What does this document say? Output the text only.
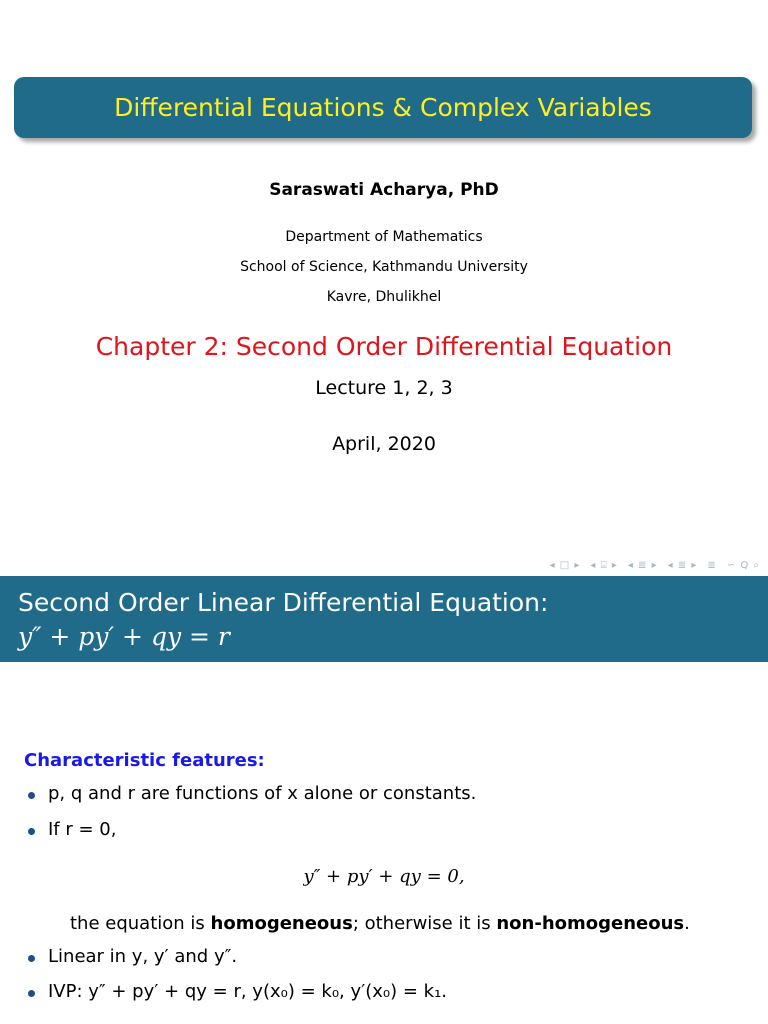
Differential Equations & Complex Variables
Saraswati Acharya, PhD
Department of Mathematics
School of Science, Kathmandu University
Kavre, Dhulikhel
Chapter 2: Second Order Differential Equation
Lecture 1, 2, 3
April, 2020
◂ □ ▸ ◂ ⌸ ▸ ◂ ≣ ▸ ◂ ≣ ▸ ≣ ∽ Q ⌕
Second Order Linear Differential Equation:
y″ + py′ + qy = r
Characteristic features:
p, q and r are functions of x alone or constants.
If r = 0,
y″ + py′ + qy = 0,
the equation is homogeneous; otherwise it is non-homogeneous.
Linear in y, y′ and y″.
IVP: y″ + py′ + qy = r, y(x₀) = k₀, y′(x₀) = k₁.
